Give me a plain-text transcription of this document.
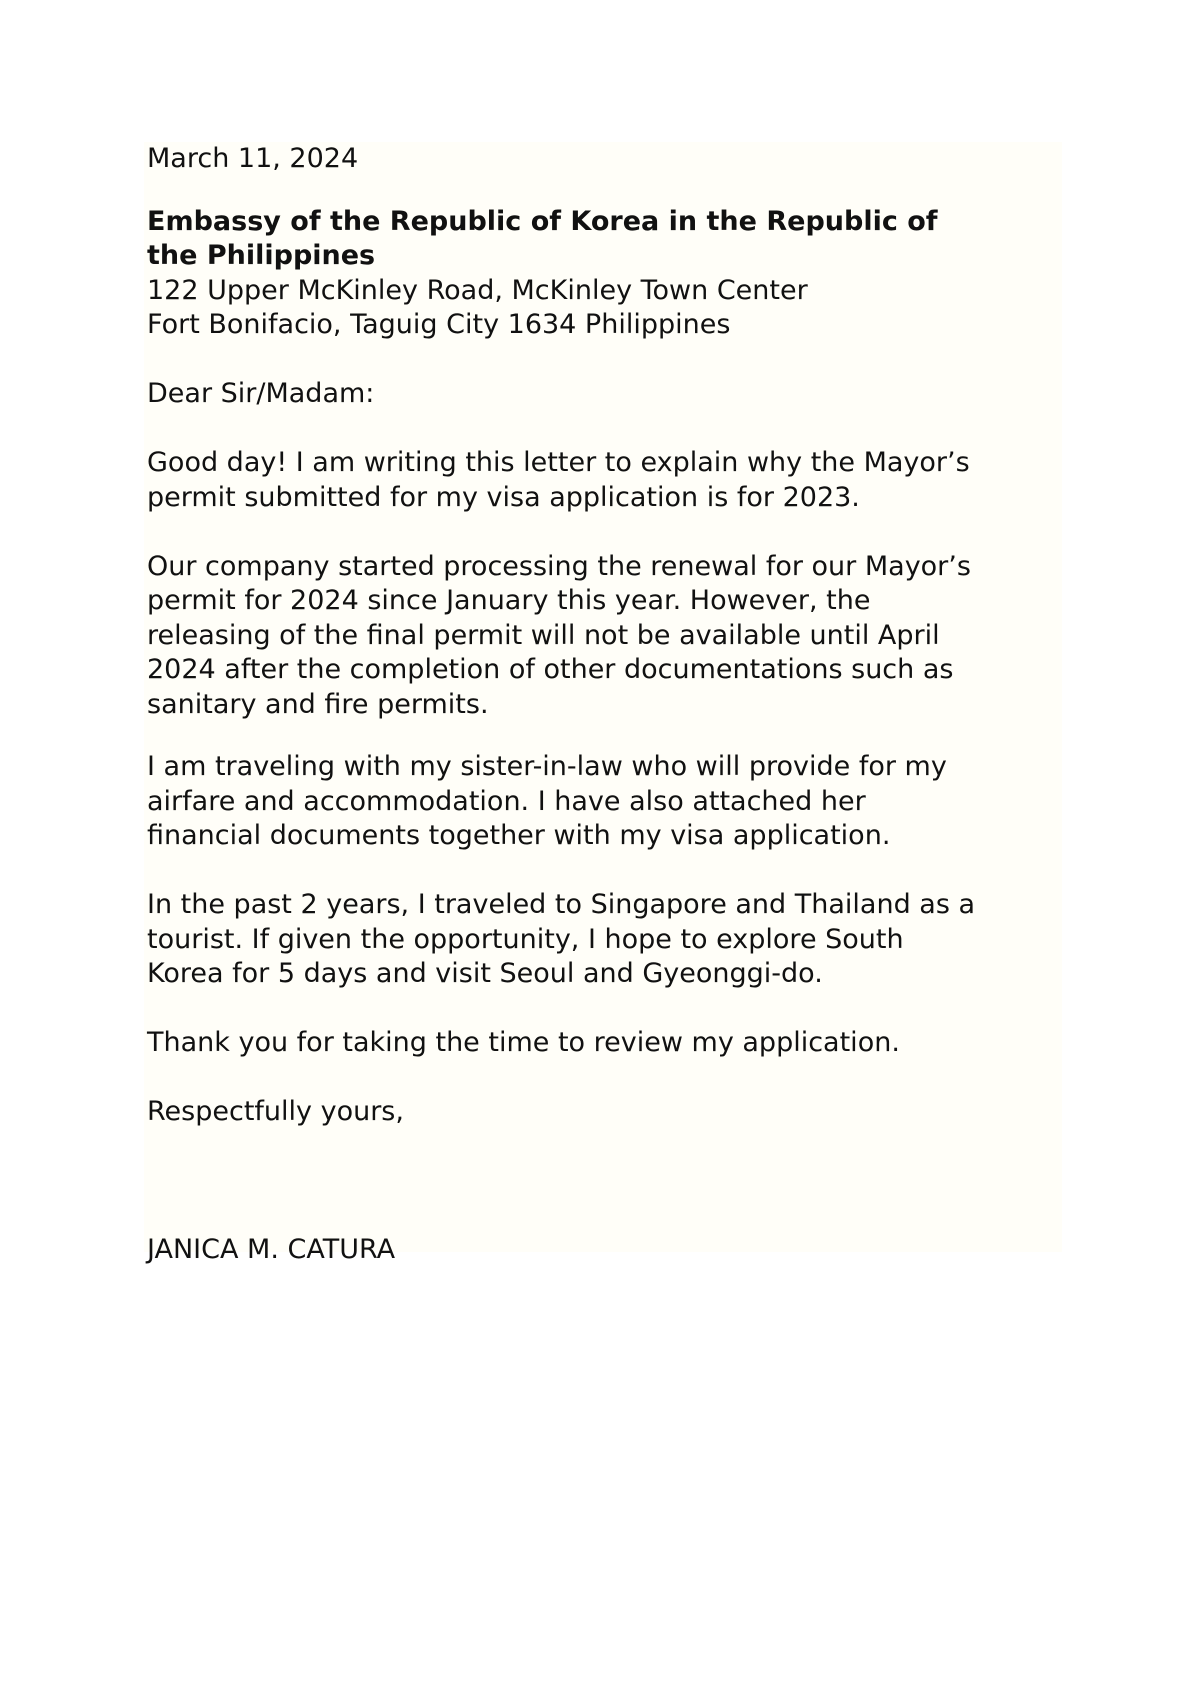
March 11, 2024
Embassy of the Republic of Korea in the Republic of
the Philippines
122 Upper McKinley Road, McKinley Town Center
Fort Bonifacio, Taguig City 1634 Philippines
Dear Sir/Madam:
Good day! I am writing this letter to explain why the Mayor’s
permit submitted for my visa application is for 2023.
Our company started processing the renewal for our Mayor’s
permit for 2024 since January this year. However, the
releasing of the final permit will not be available until April
2024 after the completion of other documentations such as
sanitary and fire permits.
I am traveling with my sister-in-law who will provide for my
airfare and accommodation. I have also attached her
financial documents together with my visa application.
In the past 2 years, I traveled to Singapore and Thailand as a
tourist. If given the opportunity, I hope to explore South
Korea for 5 days and visit Seoul and Gyeonggi-do.
Thank you for taking the time to review my application.
Respectfully yours,
JANICA M. CATURA
